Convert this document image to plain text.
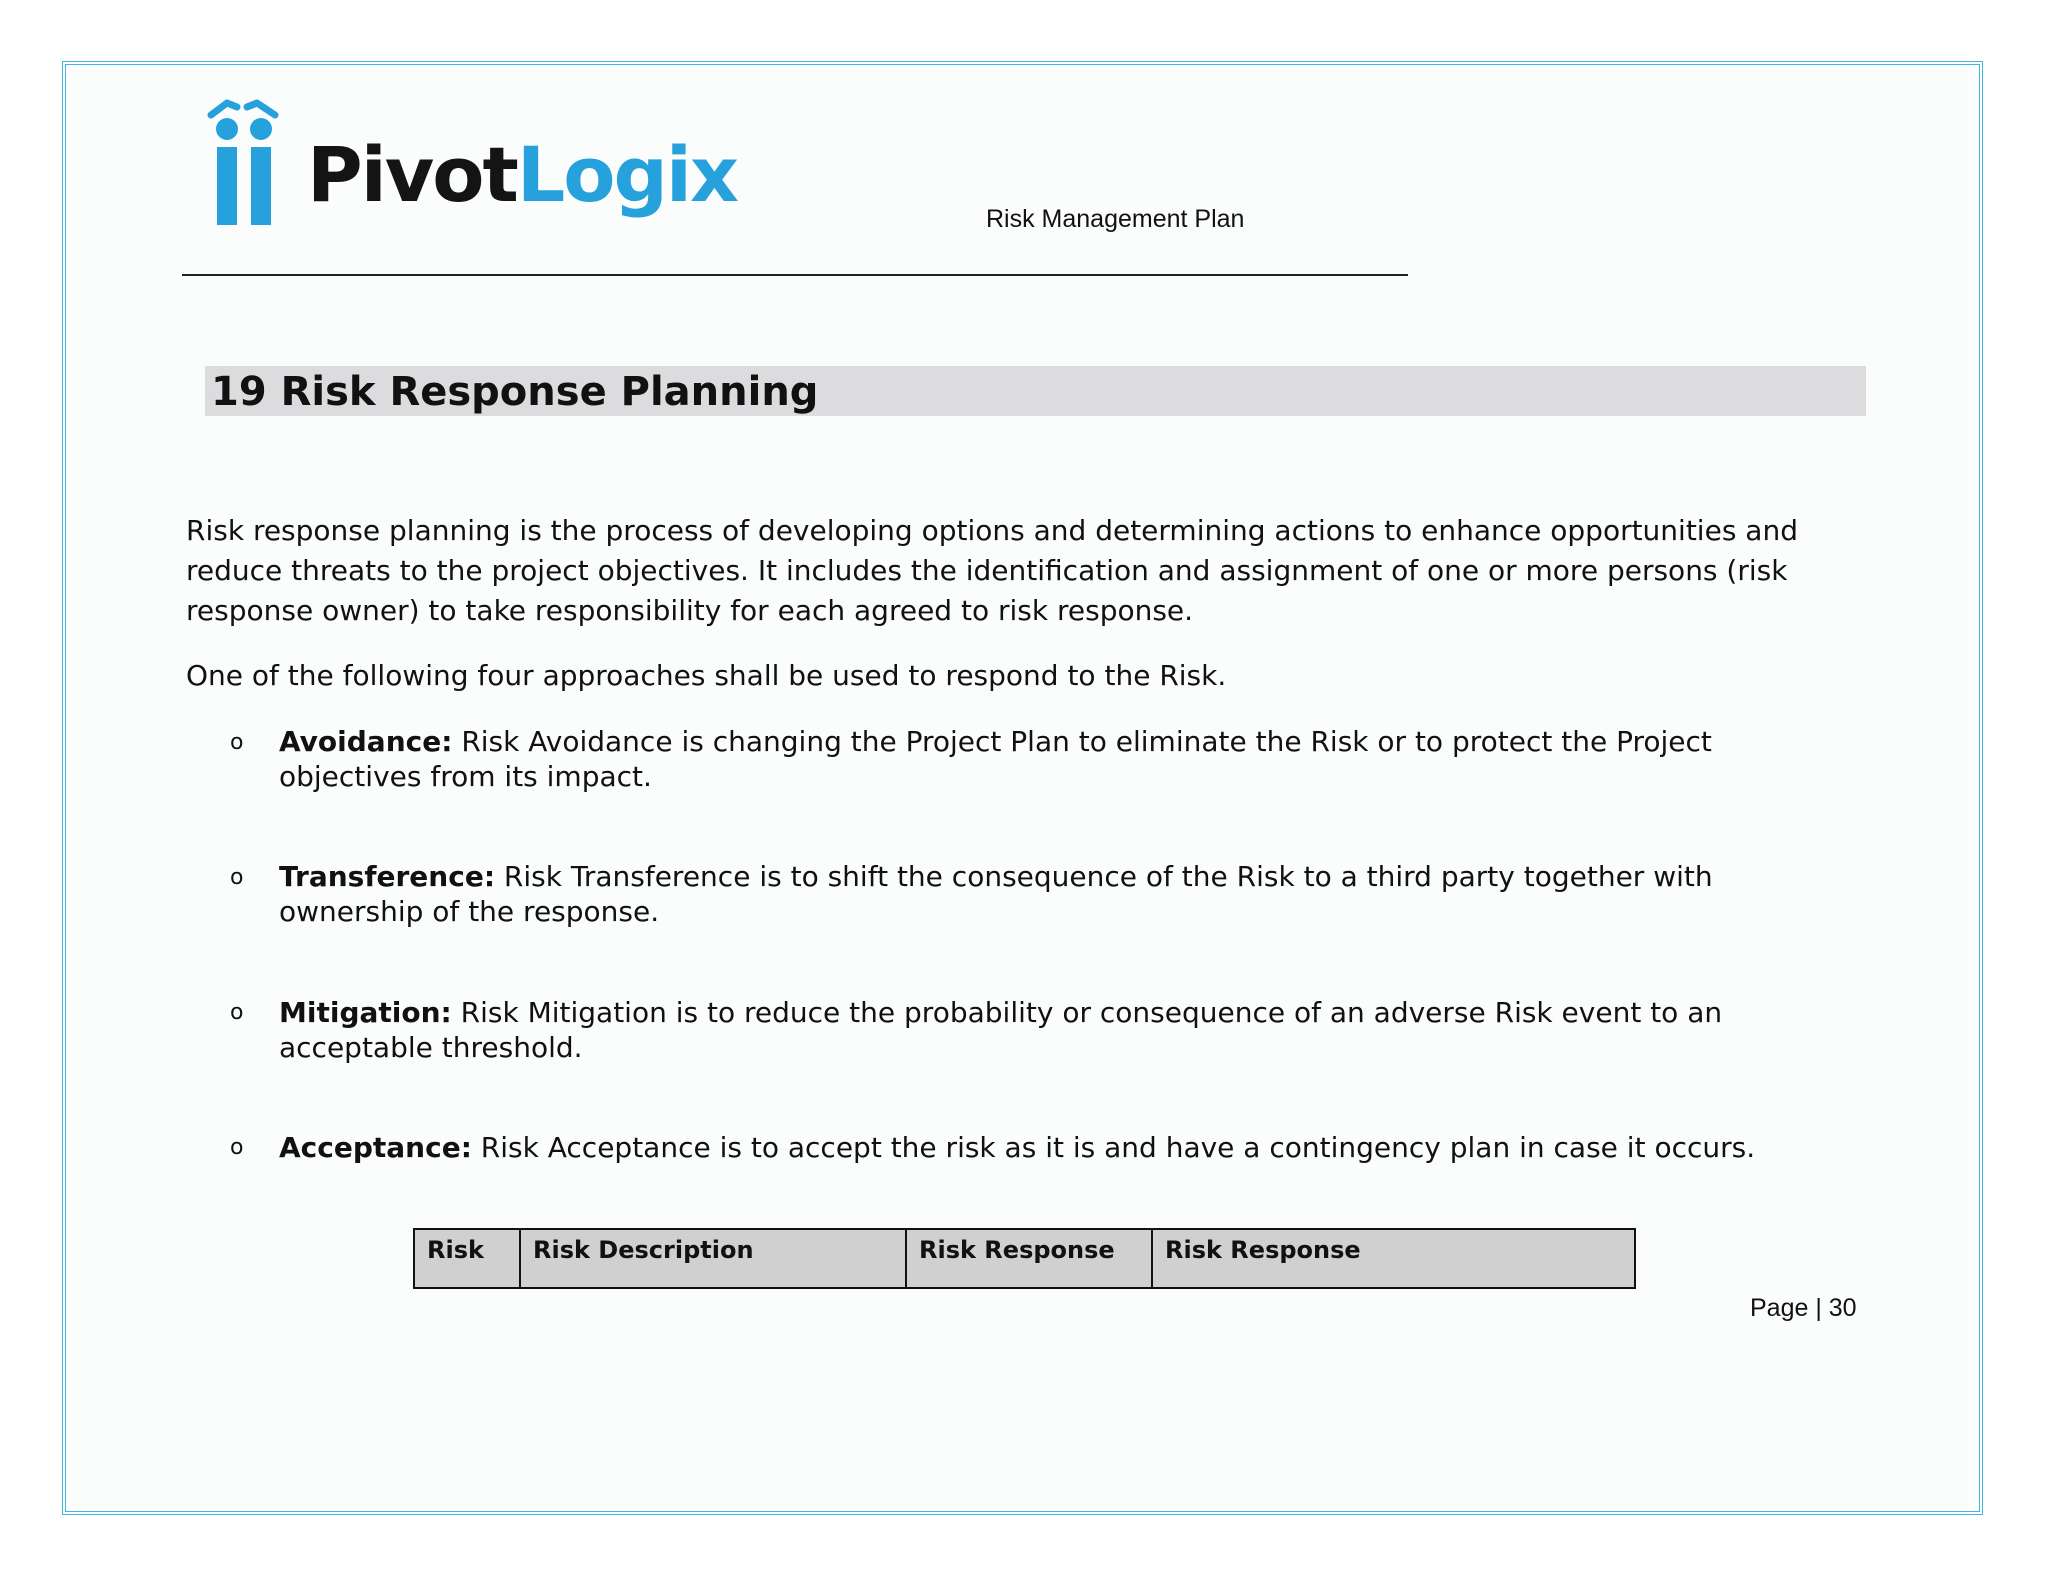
PivotLogix	Risk Management Plan
19 Risk Response Planning

Risk response planning is the process of developing options and determining actions to enhance opportunities and reduce threats to the project objectives. It includes the identification and assignment of one or more persons (risk response owner) to take responsibility for each agreed to risk response.

One of the following four approaches shall be used to respond to the Risk.

o Avoidance: Risk Avoidance is changing the Project Plan to eliminate the Risk or to protect the Project objectives from its impact.

o Transference: Risk Transference is to shift the consequence of the Risk to a third party together with ownership of the response.

o Mitigation: Risk Mitigation is to reduce the probability or consequence of an adverse Risk event to an acceptable threshold.

o Acceptance: Risk Acceptance is to accept the risk as it is and have a contingency plan in case it occurs.

Risk	Risk Description	Risk Response	Risk Response
Page | 30
